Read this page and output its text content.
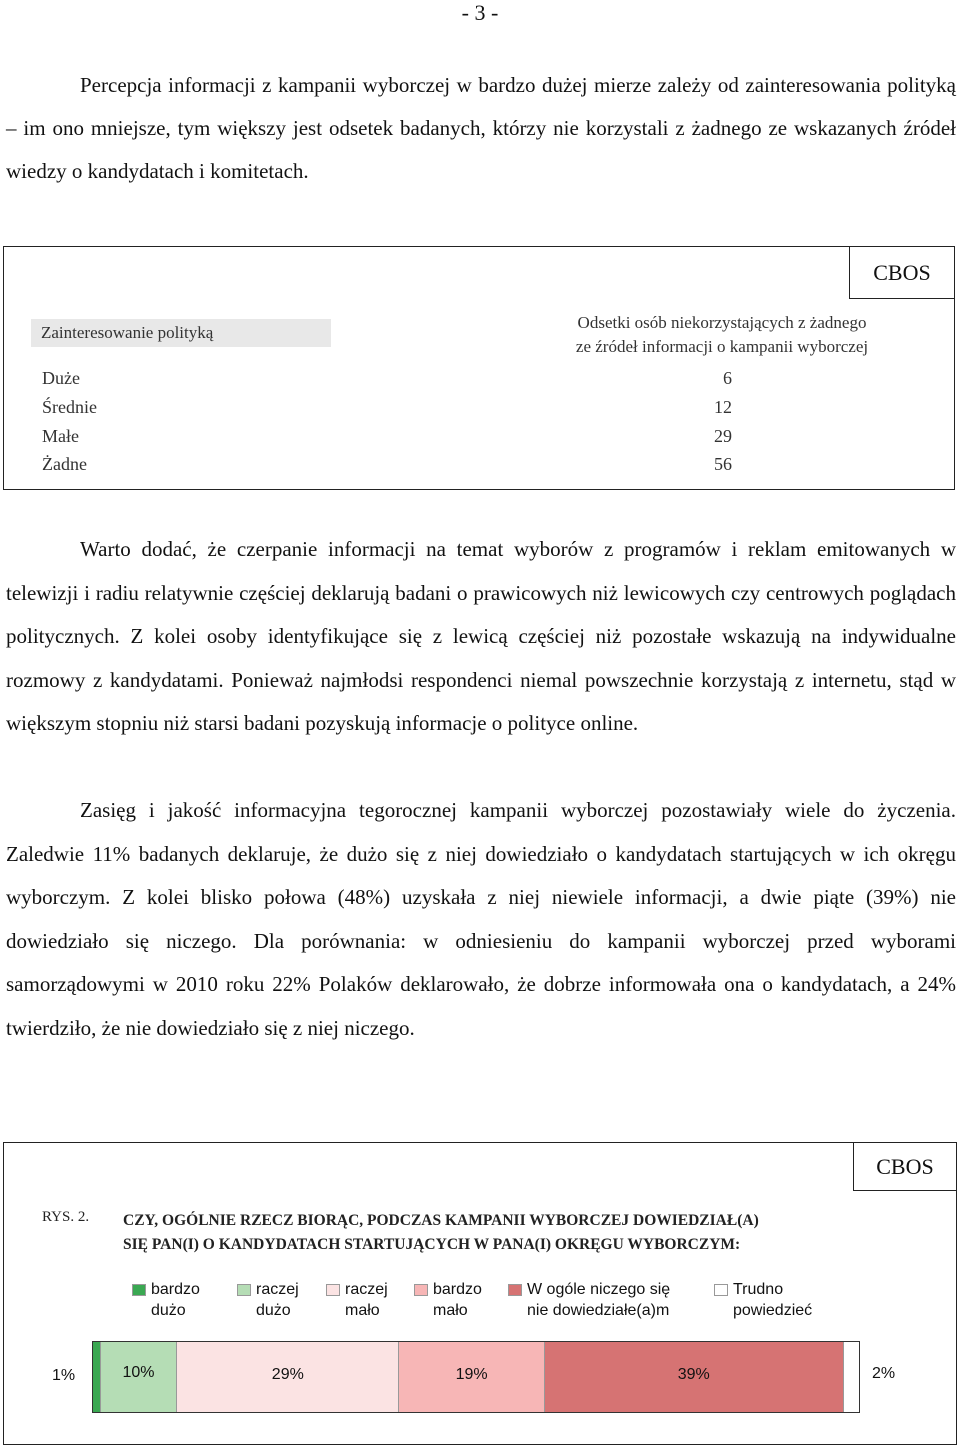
- 3 -

Percepcja informacji z kampanii wyborczej w bardzo dużej mierze zależy od zainteresowania polityką – im ono mniejsze, tym większy jest odsetek badanych, którzy nie korzystali z żadnego ze wskazanych źródeł wiedzy o kandydatach i komitetach.

CBOS
Zainteresowanie polityką
Odsetki osób niekorzystających z żadnego
ze źródeł informacji o kampanii wyborczej
Duże	6
Średnie	12
Małe	29
Żadne	56

Warto dodać, że czerpanie informacji na temat wyborów z programów i reklam emitowanych w telewizji i radiu relatywnie częściej deklarują badani o prawicowych niż lewicowych czy centrowych poglądach politycznych. Z kolei osoby identyfikujące się z lewicą częściej niż pozostałe wskazują na indywidualne rozmowy z kandydatami. Ponieważ najmłodsi respondenci niemal powszechnie korzystają z internetu, stąd w większym stopniu niż starsi badani pozyskują informacje o polityce online.

Zasięg i jakość informacyjna tegorocznej kampanii wyborczej pozostawiały wiele do życzenia. Zaledwie 11% badanych deklaruje, że dużo się z niej dowiedziało o kandydatach startujących w ich okręgu wyborczym. Z kolei blisko połowa (48%) uzyskała z niej niewiele informacji, a dwie piąte (39%) nie dowiedziało się niczego. Dla porównania: w odniesieniu do kampanii wyborczej przed wyborami samorządowymi w 2010 roku 22% Polaków deklarowało, że dobrze informowała ona o kandydatach, a 24% twierdziło, że nie dowiedziało się z niej niczego.

CBOS
RYS. 2. CZY, OGÓLNIE RZECZ BIORĄC, PODCZAS KAMPANII WYBORCZEJ DOWIEDZIAŁ(A)
SIĘ PAN(I) O KANDYDATACH STARTUJĄCYCH W PANA(I) OKRĘGU WYBORCZYM:
bardzo
dużo
raczej
dużo
raczej
mało
bardzo
mało
W ogóle niczego się
nie dowiedziałe(a)m
Trudno
powiedzieć
10%	29%	19%	39%
1%	2%
